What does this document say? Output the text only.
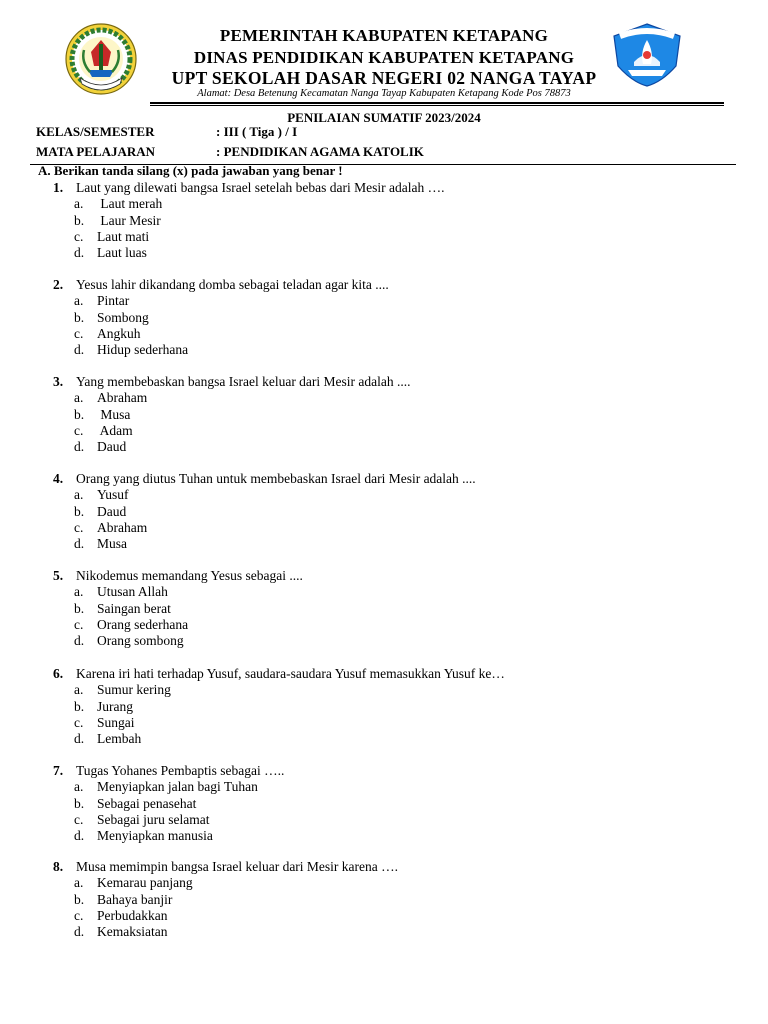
PEMERINTAH KABUPATEN KETAPANG
DINAS PENDIDIKAN KABUPATEN KETAPANG
UPT SEKOLAH DASAR NEGERI 02 NANGA TAYAP
Alamat: Desa Betenung Kecamatan Nanga Tayap Kabupaten Ketapang Kode Pos 78873
PENILAIAN SUMATIF 2023/2024
KELAS/SEMESTER	: III ( Tiga ) / I
MATA PELAJARAN	: PENDIDIKAN AGAMA KATOLIK
A. Berikan tanda silang (x) pada jawaban yang benar !
1. Laut yang dilewati bangsa Israel setelah bebas dari Mesir adalah ….
a.	Laut merah
b. Laur Mesir
c.	Laut mati
d. Laut luas
2. Yesus lahir dikandang domba sebagai teladan agar kita ....
a.	Pintar
b. Sombong
c.	Angkuh
d. Hidup sederhana
3. Yang membebaskan bangsa Israel keluar dari Mesir adalah ....
a.	Abraham
b. Musa
c.	Adam
d. Daud
4. Orang yang diutus Tuhan untuk membebaskan Israel dari Mesir adalah ....
a.	Yusuf
b. Daud
c.	Abraham
d. Musa
5. Nikodemus memandang Yesus sebagai ....
a.	Utusan Allah
b. Saingan berat
c.	Orang sederhana
d. Orang sombong
6. Karena iri hati terhadap Yusuf, saudara-saudara Yusuf memasukkan Yusuf ke…
a.	Sumur kering
b. Jurang
c.	Sungai
d. Lembah
7. Tugas Yohanes Pembaptis sebagai …..
a.	Menyiapkan jalan bagi Tuhan
b. Sebagai penasehat
c.	Sebagai juru selamat
d. Menyiapkan manusia
8. Musa memimpin bangsa Israel keluar dari Mesir karena ….
a.	Kemarau panjang
b. Bahaya banjir
c.	Perbudakkan
d. Kemaksiatan
